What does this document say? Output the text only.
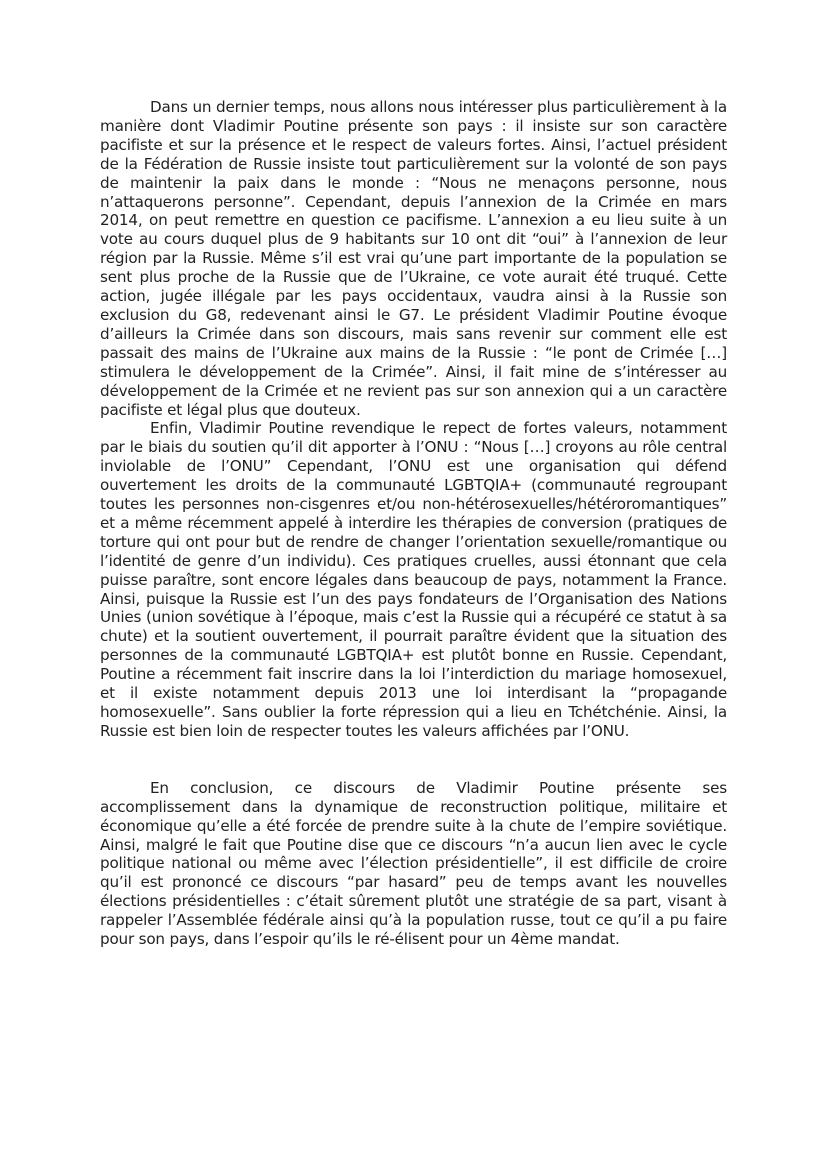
Dans un dernier temps, nous allons nous intéresser plus particulièrement à la manière dont Vladimir Poutine présente son pays : il insiste sur son caractère pacifiste et sur la présence et le respect de valeurs fortes. Ainsi, l’actuel président de la Fédération de Russie insiste tout particulièrement sur la volonté de son pays de maintenir la paix dans le monde : “Nous ne menaçons personne, nous n’attaquerons personne”. Cependant, depuis l’annexion de la Crimée en mars 2014, on peut remettre en question ce pacifisme. L’annexion a eu lieu suite à un vote au cours duquel plus de 9 habitants sur 10 ont dit “oui” à l’annexion de leur région par la Russie. Même s’il est vrai qu’une part importante de la population se sent plus proche de la Russie que de l’Ukraine, ce vote aurait été truqué. Cette action, jugée illégale par les pays occidentaux, vaudra ainsi à la Russie son exclusion du G8, redevenant ainsi le G7. Le président Vladimir Poutine évoque d’ailleurs la Crimée dans son discours, mais sans revenir sur comment elle est passait des mains de l’Ukraine aux mains de la Russie : “le pont de Crimée […] stimulera le développement de la Crimée”. Ainsi, il fait mine de s’intéresser au développement de la Crimée et ne revient pas sur son annexion qui a un caractère pacifiste et légal plus que douteux.

Enfin, Vladimir Poutine revendique le repect de fortes valeurs, notamment par le biais du soutien qu’il dit apporter à l’ONU : “Nous […] croyons au rôle central inviolable de l’ONU” Cependant, l’ONU est une organisation qui défend ouvertement les droits de la communauté LGBTQIA+ (communauté regroupant toutes les personnes non-cisgenres et/ou non-hétérosexuelles/hétéroromantiques” et a même récemment appelé à interdire les thérapies de conversion (pratiques de torture qui ont pour but de rendre de changer l’orientation sexuelle/romantique ou l’identité de genre d’un individu). Ces pratiques cruelles, aussi étonnant que cela puisse paraître, sont encore légales dans beaucoup de pays, notamment la France. Ainsi, puisque la Russie est l’un des pays fondateurs de l’Organisation des Nations Unies (union sovétique à l’époque, mais c’est la Russie qui a récupéré ce statut à sa chute) et la soutient ouvertement, il pourrait paraître évident que la situation des personnes de la communauté LGBTQIA+ est plutôt bonne en Russie. Cependant, Poutine a récemment fait inscrire dans la loi l’interdiction du mariage homosexuel, et il existe notamment depuis 2013 une loi interdisant la “propagande homosexuelle”. Sans oublier la forte répression qui a lieu en Tchétchénie. Ainsi, la Russie est bien loin de respecter toutes les valeurs affichées par l’ONU.

En conclusion, ce discours de Vladimir Poutine présente ses accomplissement dans la dynamique de reconstruction politique, militaire et économique qu’elle a été forcée de prendre suite à la chute de l’empire soviétique. Ainsi, malgré le fait que Poutine dise que ce discours “n’a aucun lien avec le cycle politique national ou même avec l’élection présidentielle”, il est difficile de croire qu’il est prononcé ce discours “par hasard” peu de temps avant les nouvelles élections présidentielles : c’était sûrement plutôt une stratégie de sa part, visant à rappeler l’Assemblée fédérale ainsi qu’à la population russe, tout ce qu’il a pu faire pour son pays, dans l’espoir qu’ils le ré-élisent pour un 4ème mandat.
